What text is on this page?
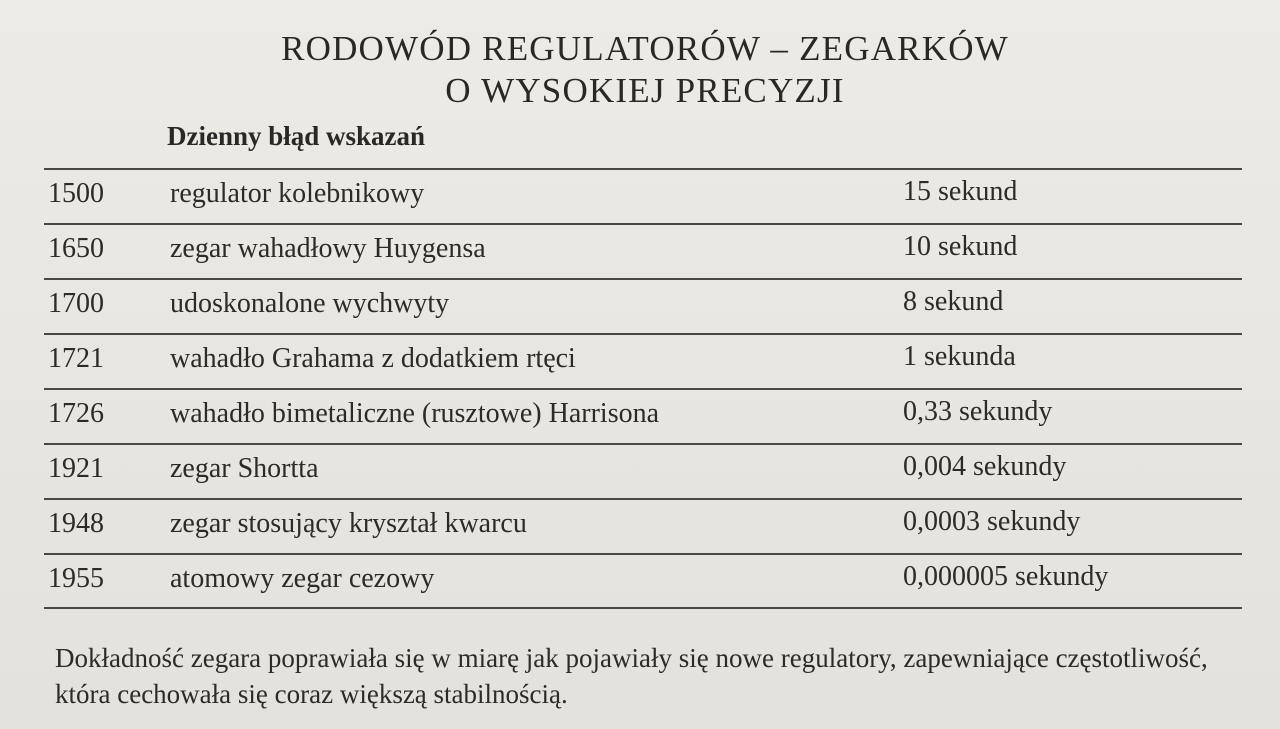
RODOWÓD REGULATORÓW – ZEGARKÓW
O WYSOKIEJ PRECYZJI
Dzienny błąd wskazań
1500 regulator kolebnikowy	15 sekund
1650 zegar wahadłowy Huygensa	10 sekund
1700 udoskonalone wychwyty	8 sekund
1721 wahadło Grahama z dodatkiem rtęci	1 sekunda
1726 wahadło bimetaliczne (rusztowe) Harrisona	0,33 sekundy
1921 zegar Shortta	0,004 sekundy
1948 zegar stosujący kryształ kwarcu	0,0003 sekundy
1955 atomowy zegar cezowy	0,000005 sekundy
Dokładność zegara poprawiała się w miarę jak pojawiały się nowe regulatory, zapewniające częstotliwość, która cechowała się coraz większą stabilnością.
